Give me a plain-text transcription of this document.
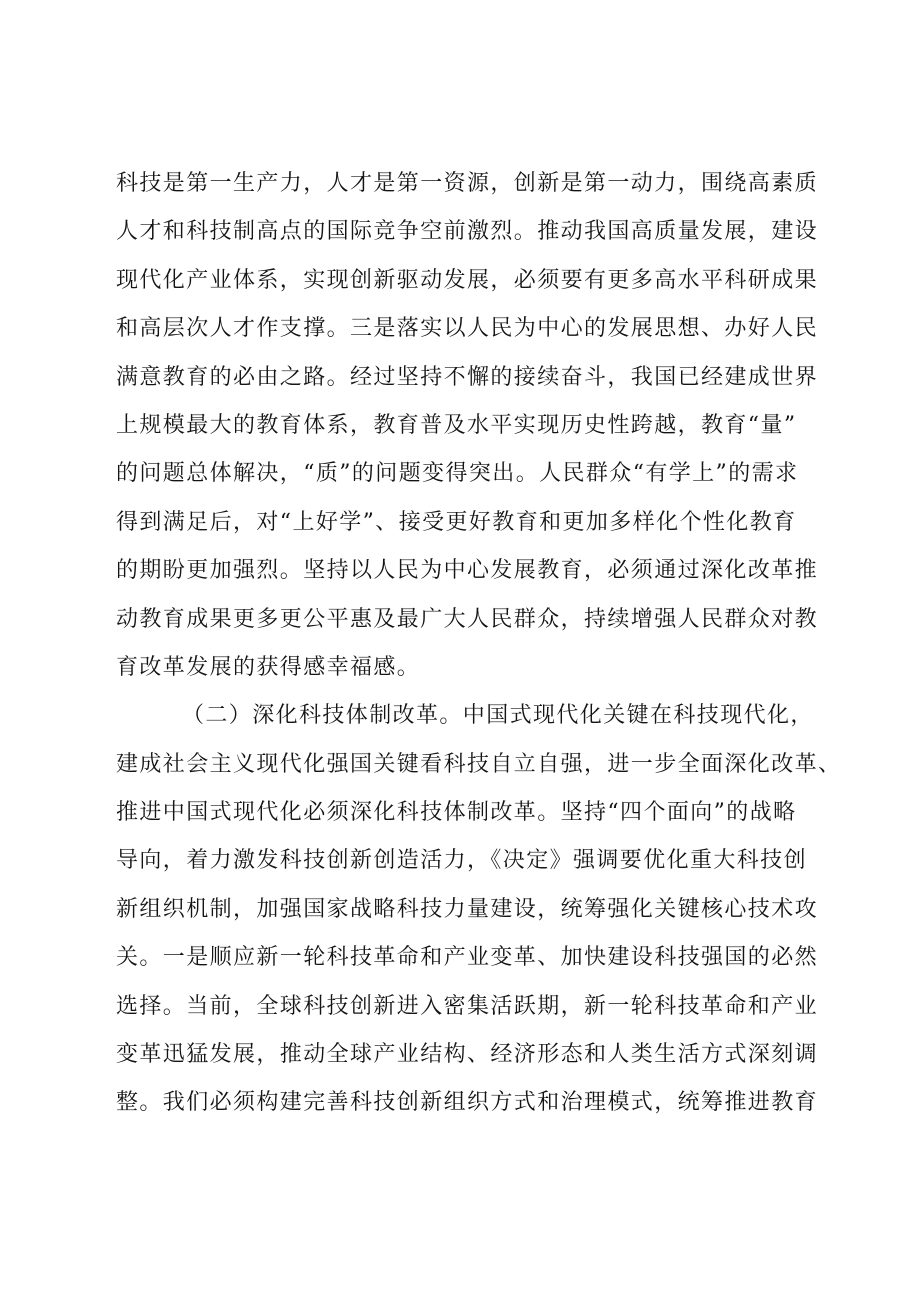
科技是第一生产力，人才是第一资源，创新是第一动力，围绕高素质
人才和科技制高点的国际竞争空前激烈。推动我国高质量发展，建设
现代化产业体系，实现创新驱动发展，必须要有更多高水平科研成果
和高层次人才作支撑。三是落实以人民为中心的发展思想、办好人民
满意教育的必由之路。经过坚持不懈的接续奋斗，我国已经建成世界
上规模最大的教育体系，教育普及水平实现历史性跨越，教育“量”
的问题总体解决，“质”的问题变得突出。人民群众“有学上”的需求
得到满足后，对“上好学”、接受更好教育和更加多样化个性化教育
的期盼更加强烈。坚持以人民为中心发展教育，必须通过深化改革推
动教育成果更多更公平惠及最广大人民群众，持续增强人民群众对教
育改革发展的获得感幸福感。
（二）深化科技体制改革。中国式现代化关键在科技现代化，
建成社会主义现代化强国关键看科技自立自强，进一步全面深化改革、
推进中国式现代化必须深化科技体制改革。坚持“四个面向”的战略
导向，着力激发科技创新创造活力，《决定》强调要优化重大科技创
新组织机制，加强国家战略科技力量建设，统筹强化关键核心技术攻
关。一是顺应新一轮科技革命和产业变革、加快建设科技强国的必然
选择。当前，全球科技创新进入密集活跃期，新一轮科技革命和产业
变革迅猛发展，推动全球产业结构、经济形态和人类生活方式深刻调
整。我们必须构建完善科技创新组织方式和治理模式，统筹推进教育
